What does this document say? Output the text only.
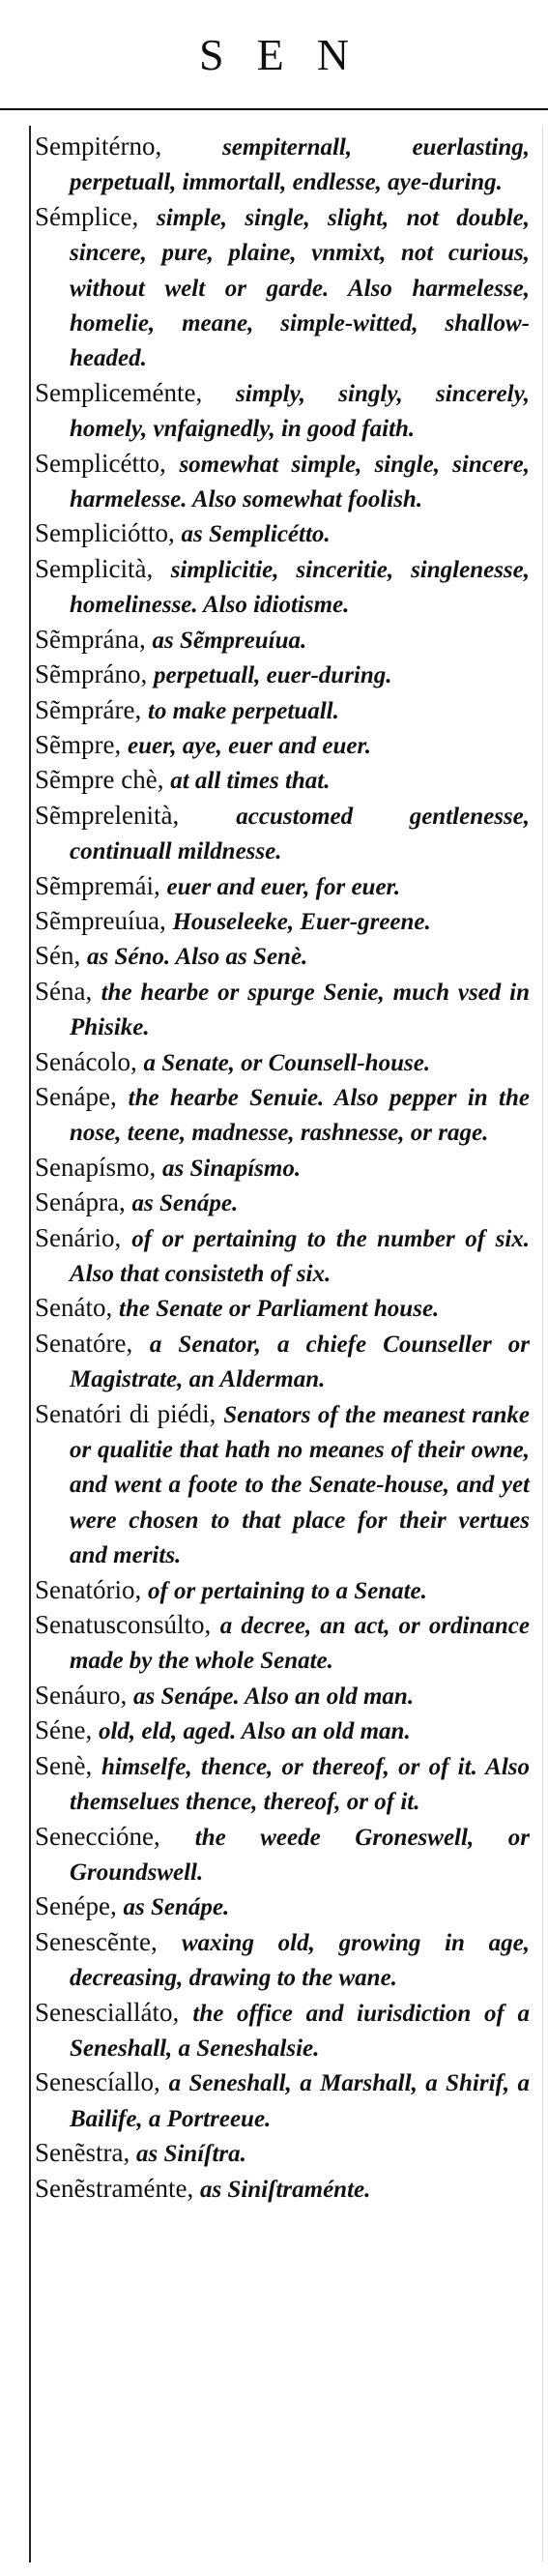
SEN

Sempitérno,	sempiternall, euerlasting, perpetuall, immortall, endlesse, aye-during.

Sémplice, simple, single, slight, not double, sincere, pure, plaine, vnmixt, not curious, without welt or garde. Also harmelesse, homelie, meane, simple-witted, shallow-headed.

Sempliceménte, simply, singly, sincerely, homely, vnfaignedly, in good faith.

Semplicétto, somewhat simple, single, sincere, harmelesse. Also somewhat foolish.

Sempliciótto, as Semplicétto.

Semplicità, simplicitie, sinceritie, singlenesse, homelinesse. Also idiotisme.

Sẽmprána, as Sẽmpreuíua.

Sẽmpráno, perpetuall, euer-during.

Sẽmpráre, to make perpetuall.

Sẽmpre, euer, aye, euer and euer.

Sẽmpre chè, at all times that.

Sẽmprelenità, accustomed gentlenesse, continuall mildnesse.

Sẽmpremái, euer and euer, for euer.

Sẽmpreuíua, Houseleeke, Euer-greene.

Sén, as Séno. Also as Senè.

Séna, the hearbe or spurge Senie, much vsed in Phisike.

Senácolo, a Senate, or Counsell-house.

Senápe, the hearbe Senuie. Also pepper in the nose, teene, madnesse, rashnesse, or rage.

Senapísmo, as Sinapísmo.

Senápra, as Senápe.

Senário, of or pertaining to the number of six. Also that consisteth of six.

Senáto, the Senate or Parliament house.

Senatóre, a Senator, a chiefe Counseller or Magistrate, an Alderman.

Senatóri di piédi, Senators of the meanest ranke or qualitie that hath no meanes of their owne, and went a foote to the Senate-house, and yet were chosen to that place for their vertues and merits.

Senatório, of or pertaining to a Senate.

Senatusconsúlto, a decree, an act, or ordinance made by the whole Senate.

Senáuro, as Senápe. Also an old man.

Séne, old, eld, aged. Also an old man.

Senè, himselfe, thence, or thereof, or of it. Also themselues thence, thereof, or of it.

Seneccióne, the weede Groneswell, or Groundswell.

Senépe, as Senápe.

Senescẽnte, waxing old, growing in age, decreasing, drawing to the wane.

Senescialláto, the office and iurisdiction of a Seneshall, a Seneshalsie.

Senescíallo, a Seneshall, a Marshall, a Shirif, a Bailife, a Portreeue.

Senẽstra, as Siníſtra.

Senẽstraménte, as Siniſtraménte.
